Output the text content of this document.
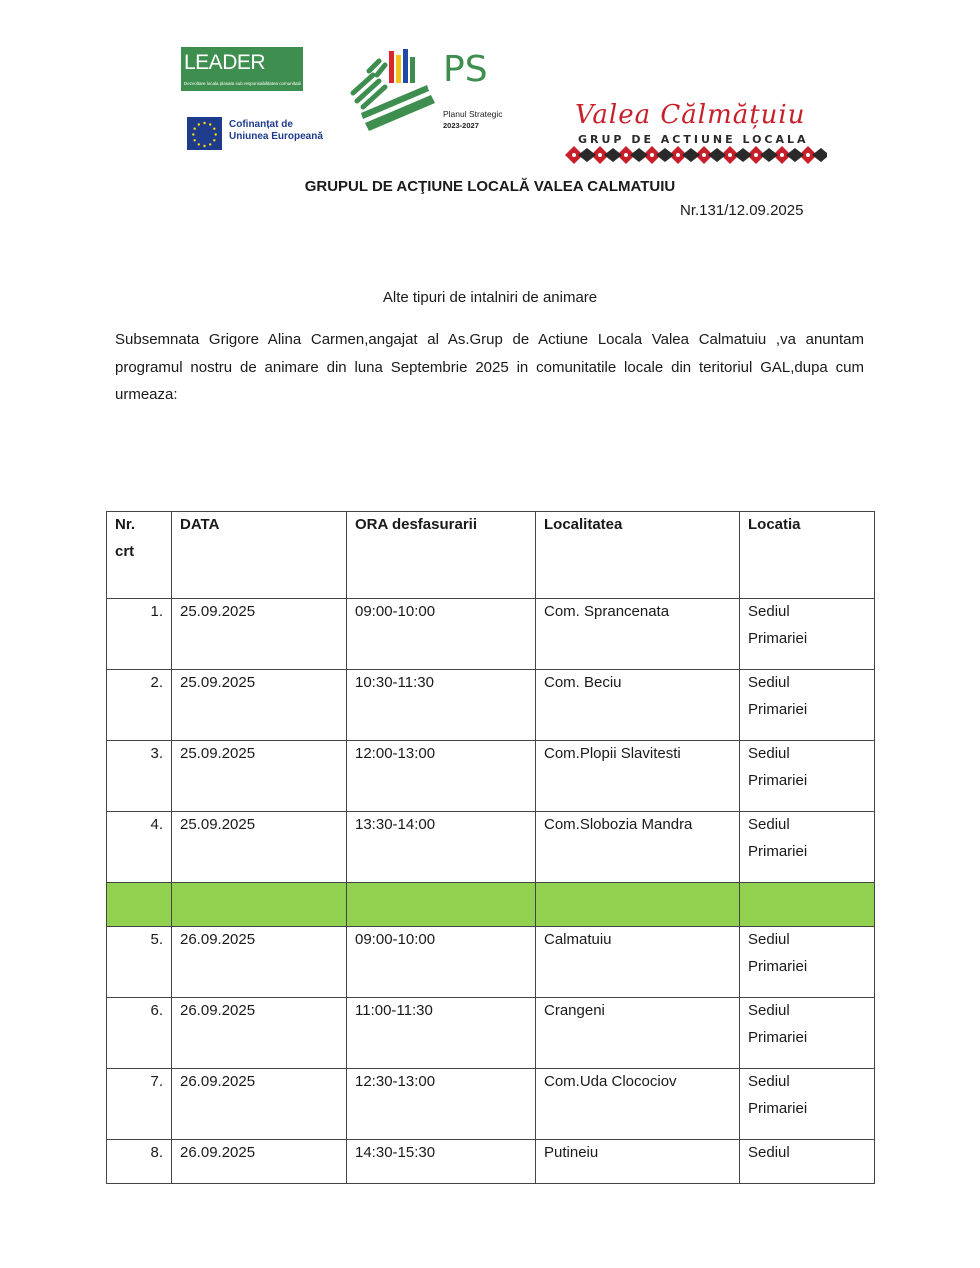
LEADER
Dezvoltare locala plasata sub responsabilitatea comunitatii
Cofinanțat de
Uniunea Europeană
PS
Planul Strategic
2023-2027	Valea Călmățuiu
GRUP DE ACTIUNE LOCALA
GRUPUL DE ACŢIUNE LOCALĂ VALEA CALMATUIU
Nr.131/12.09.2025
Alte tipuri de intalniri de animare
Subsemnata Grigore Alina Carmen,angajat al As.Grup de Actiune Locala Valea Calmatuiu ,va anuntam programul nostru de animare din luna Septembrie 2025 in comunitatile locale din teritoriul GAL,dupa cum urmeaza:
Nr.
crt	DATA	ORA desfasurarii	Localitatea	Locatia
1.	25.09.2025	09:00-10:00	Com. Sprancenata	Sediul
Primariei

2.	25.09.2025	10:30-11:30	Com. Beciu	Sediul
Primariei

3.	25.09.2025	12:00-13:00	Com.Plopii Slavitesti	Sediul
Primariei

4.	25.09.2025	13:30-14:00	Com.Slobozia Mandra	Sediul
Primariei

5.	26.09.2025	09:00-10:00	Calmatuiu	Sediul
Primariei

6.	26.09.2025	11:00-11:30	Crangeni	Sediul
Primariei

7.	26.09.2025	12:30-13:00	Com.Uda Clocociov	Sediul
Primariei

8.	26.09.2025	14:30-15:30	Putineiu	Sediul
